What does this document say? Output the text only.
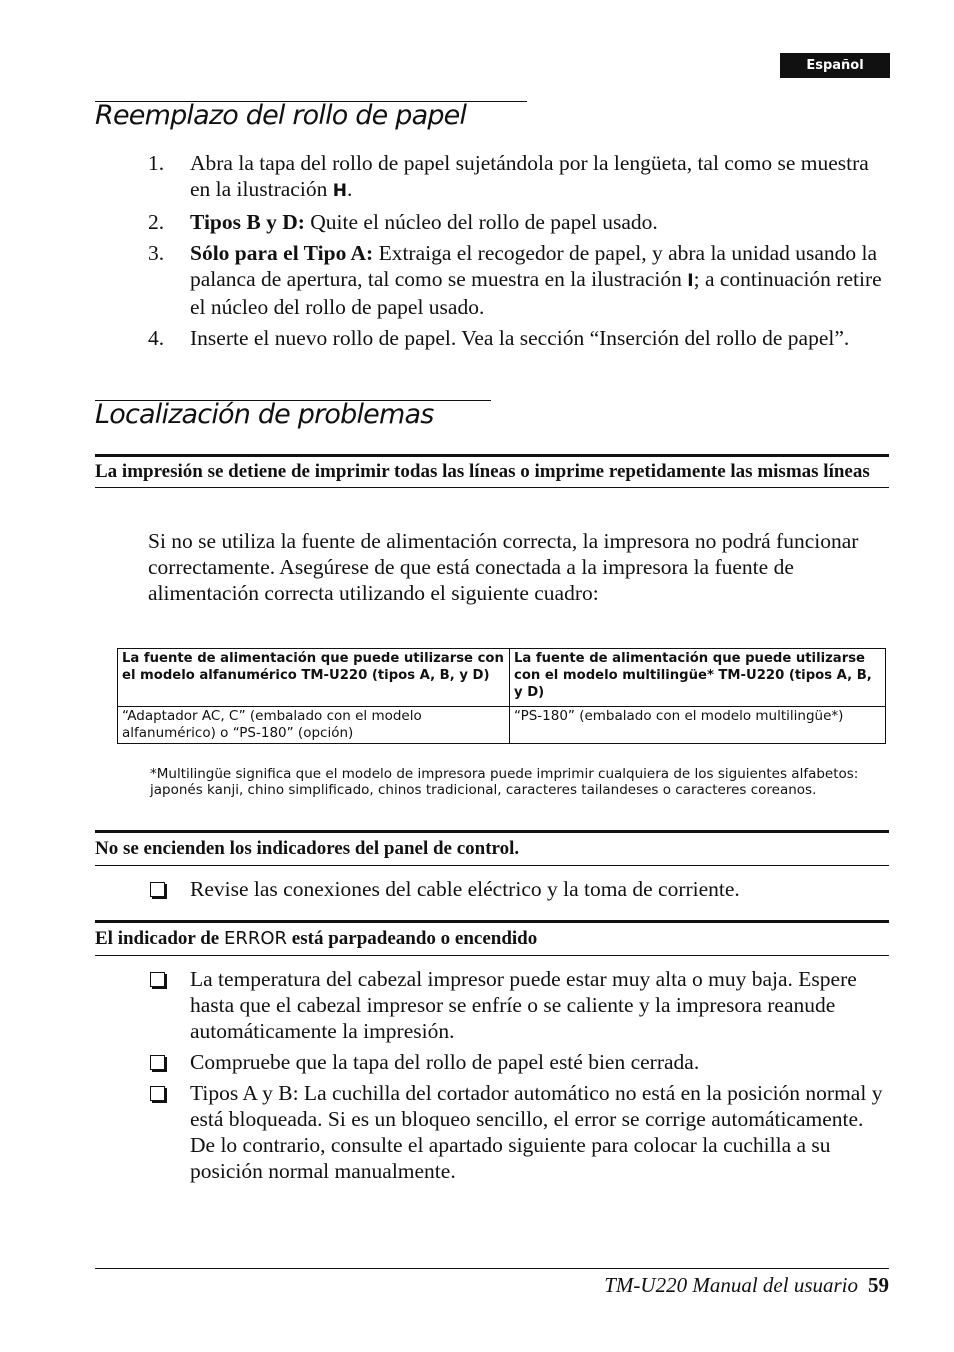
Español
Reemplazo del rollo de papel
1. Abra la tapa del rollo de papel sujetándola por la lengüeta, tal como se muestra en la ilustración H.
2. Tipos B y D: Quite el núcleo del rollo de papel usado.
3. Sólo para el Tipo A: Extraiga el recogedor de papel, y abra la unidad usando la palanca de apertura, tal como se muestra en la ilustración I; a continuación retire el núcleo del rollo de papel usado.
4. Inserte el nuevo rollo de papel. Vea la sección “Inserción del rollo de papel”.
Localización de problemas
La impresión se detiene de imprimir todas las líneas o imprime repetidamente las mismas líneas

Si no se utiliza la fuente de alimentación correcta, la impresora no podrá funcionar correctamente. Asegúrese de que está conectada a la impresora la fuente de alimentación correcta utilizando el siguiente cuadro:

La fuente de alimentación que puede utilizarse con el modelo alfanumérico TM-U220 (tipos A, B, y D)	La fuente de alimentación que puede utilizarse con el modelo multilingüe* TM-U220 (tipos A, B, y D)
“Adaptador AC, C” (embalado con el modelo alfanumérico) o “PS-180” (opción)	“PS-180” (embalado con el modelo multilingüe*)

*Multilingüe significa que el modelo de impresora puede imprimir cualquiera de los siguientes alfabetos: japonés kanji, chino simplificado, chinos tradicional, caracteres tailandeses o caracteres coreanos.

No se encienden los indicadores del panel de control.
Revise las conexiones del cable eléctrico y la toma de corriente.
El indicador de ERROR está parpadeando o encendido
La temperatura del cabezal impresor puede estar muy alta o muy baja. Espere hasta que el cabezal impresor se enfríe o se caliente y la impresora reanude automáticamente la impresión.
Compruebe que la tapa del rollo de papel esté bien cerrada.
Tipos A y B: La cuchilla del cortador automático no está en la posición normal y está bloqueada. Si es un bloqueo sencillo, el error se corrige automáticamente. De lo contrario, consulte el apartado siguiente para colocar la cuchilla a su posición normal manualmente.
TM-U220 Manual del usuario 59
